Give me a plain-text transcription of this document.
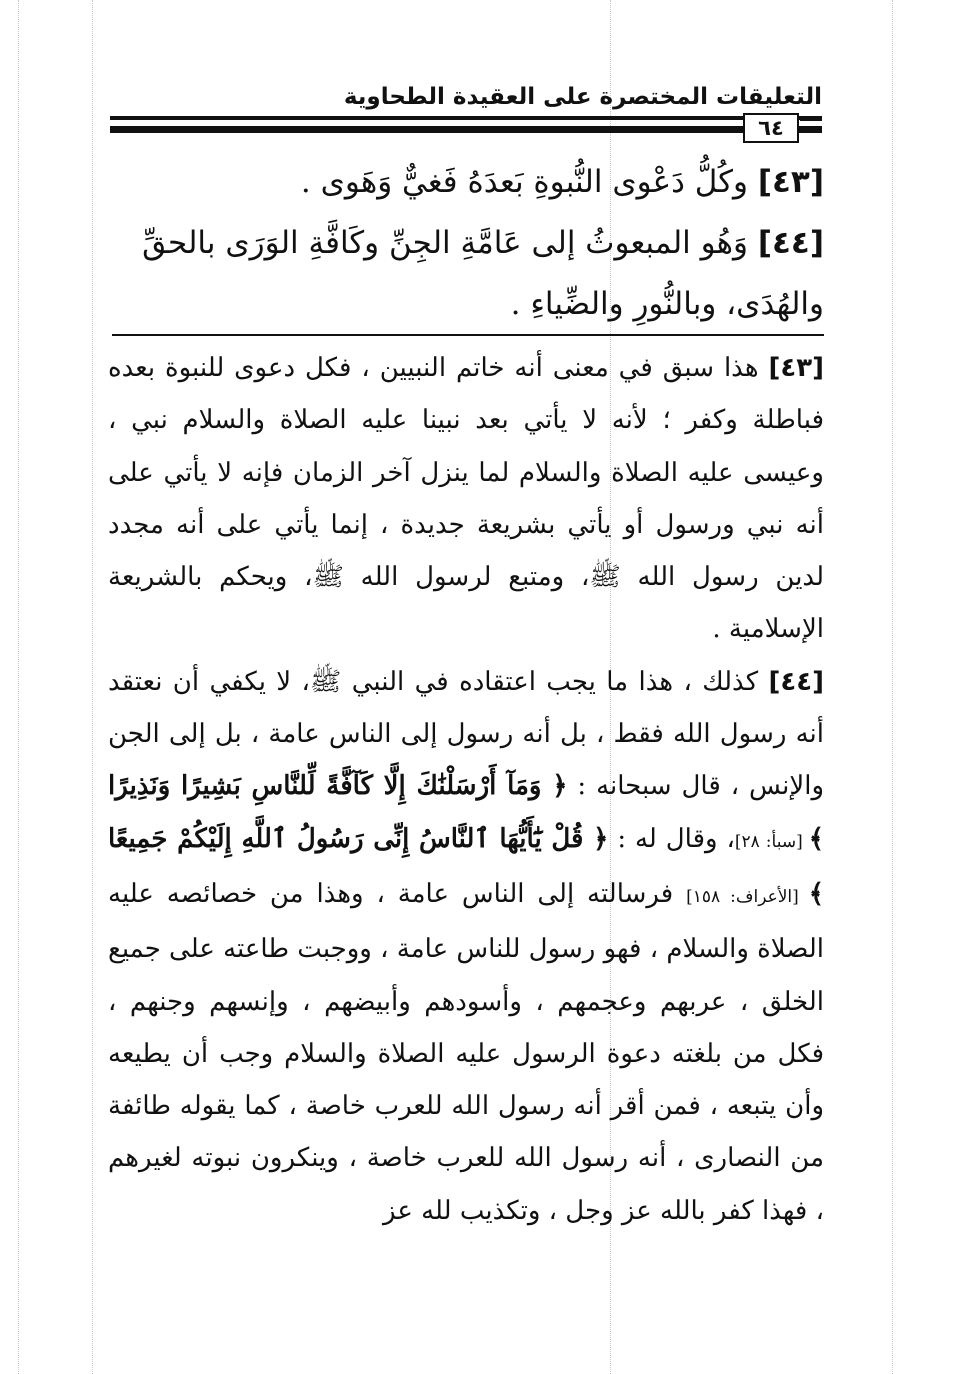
التعليقات المختصرة على العقيدة الطحاوية
٦٤

[٤٣] وكُلُّ دَعْوى النُّبوةِ بَعدَهُ فَغيٌّ وَهَوى .

[٤٤] وَهُو المبعوثُ إلى عَامَّةِ الجِنِّ وكَافَّةِ الوَرَى بالحقِّ والهُدَى، وبالنُّورِ والضِّياءِ .

[٤٣] هذا سبق في معنى أنه خاتم النبيين ، فكل دعوى للنبوة بعده فباطلة وكفر ؛ لأنه لا يأتي بعد نبينا عليه الصلاة والسلام نبي ، وعيسى عليه الصلاة والسلام لما ينزل آخر الزمان فإنه لا يأتي على أنه نبي ورسول أو يأتي بشريعة جديدة ، إنما يأتي على أنه مجدد لدين رسول الله ﷺ، ومتبع لرسول الله ﷺ، ويحكم بالشريعة الإسلامية .

[٤٤] كذلك ، هذا ما يجب اعتقاده في النبي ﷺ، لا يكفي أن نعتقد أنه رسول الله فقط ، بل أنه رسول إلى الناس عامة ، بل إلى الجن والإنس ، قال سبحانه : ﴿ وَمَآ أَرْسَلْنَٰكَ إِلَّا كَآفَّةً لِّلنَّاسِ بَشِيرًا وَنَذِيرًا ﴾ [سبأ: ٢٨]، وقال له : ﴿ قُلْ يَٰٓأَيُّهَا ٱلنَّاسُ إِنِّى رَسُولُ ٱللَّهِ إِلَيْكُمْ جَمِيعًا ﴾ [الأعراف: ١٥٨] فرسالته إلى الناس عامة ، وهذا من خصائصه عليه الصلاة والسلام ، فهو رسول للناس عامة ، ووجبت طاعته على جميع الخلق ، عربهم وعجمهم ، وأسودهم وأبيضهم ، وإنسهم وجنهم ، فكل من بلغته دعوة الرسول عليه الصلاة والسلام وجب أن يطيعه وأن يتبعه ، فمن أقر أنه رسول الله للعرب خاصة ، كما يقوله طائفة من النصارى ، أنه رسول الله للعرب خاصة ، وينكرون نبوته لغيرهم ، فهذا كفر بالله عز وجل ، وتكذيب لله عز
